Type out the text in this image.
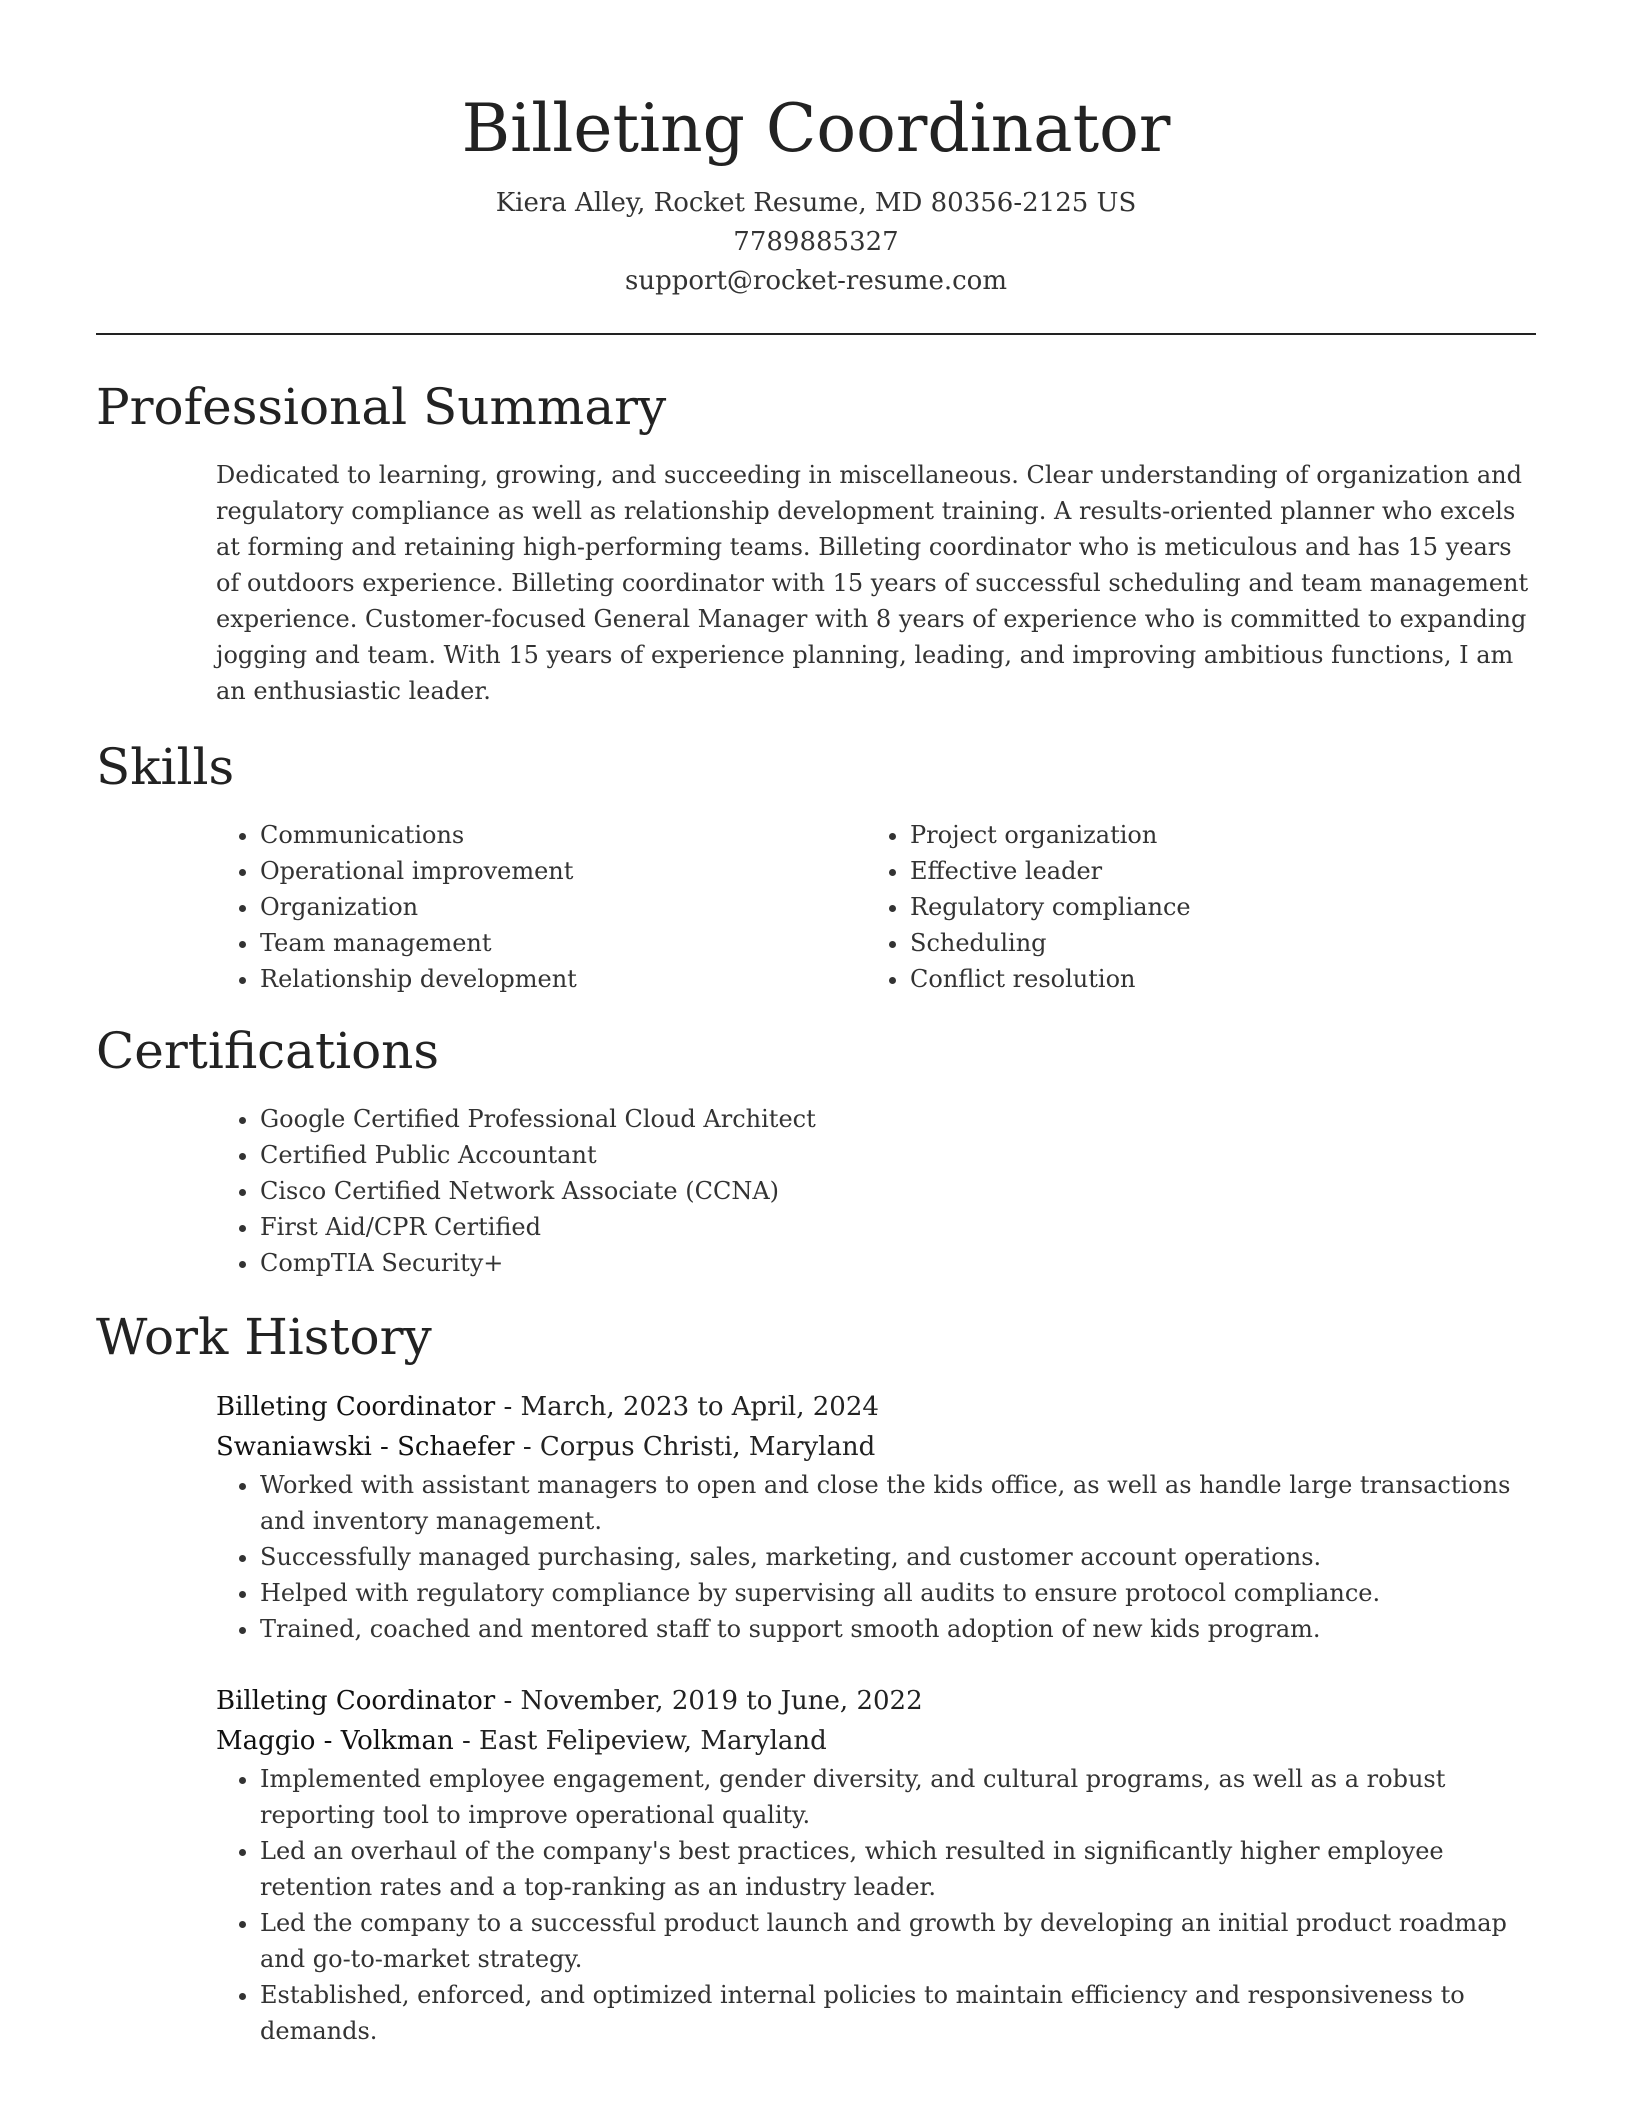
Billeting Coordinator
Kiera Alley, Rocket Resume, MD 80356-2125 US
7789885327
support@rocket-resume.com
Professional Summary
Dedicated to learning, growing, and succeeding in miscellaneous. Clear understanding of organization and regulatory compliance as well as relationship development training. A results-oriented planner who excels at forming and retaining high-performing teams. Billeting coordinator who is meticulous and has 15 years of outdoors experience. Billeting coordinator with 15 years of successful scheduling and team management experience. Customer-focused General Manager with 8 years of experience who is committed to expanding jogging and team. With 15 years of experience planning, leading, and improving ambitious functions, I am an enthusiastic leader.
Skills
• Communications
• Operational improvement
• Organization
• Team management
• Relationship development
• Project organization
• Effective leader
• Regulatory compliance
• Scheduling
• Conflict resolution
Certifications
• Google Certified Professional Cloud Architect
• Certified Public Accountant
• Cisco Certified Network Associate (CCNA)
• First Aid/CPR Certified
• CompTIA Security+
Work History
Billeting Coordinator - March, 2023 to April, 2024
Swaniawski - Schaefer - Corpus Christi, Maryland
• Worked with assistant managers to open and close the kids office, as well as handle large transactions and inventory management.
• Successfully managed purchasing, sales, marketing, and customer account operations.
• Helped with regulatory compliance by supervising all audits to ensure protocol compliance.
• Trained, coached and mentored staff to support smooth adoption of new kids program.
Billeting Coordinator - November, 2019 to June, 2022
Maggio - Volkman - East Felipeview, Maryland
• Implemented employee engagement, gender diversity, and cultural programs, as well as a robust reporting tool to improve operational quality.
• Led an overhaul of the company's best practices, which resulted in significantly higher employee retention rates and a top-ranking as an industry leader.
• Led the company to a successful product launch and growth by developing an initial product roadmap and go-to-market strategy.
• Established, enforced, and optimized internal policies to maintain efficiency and responsiveness to demands.
